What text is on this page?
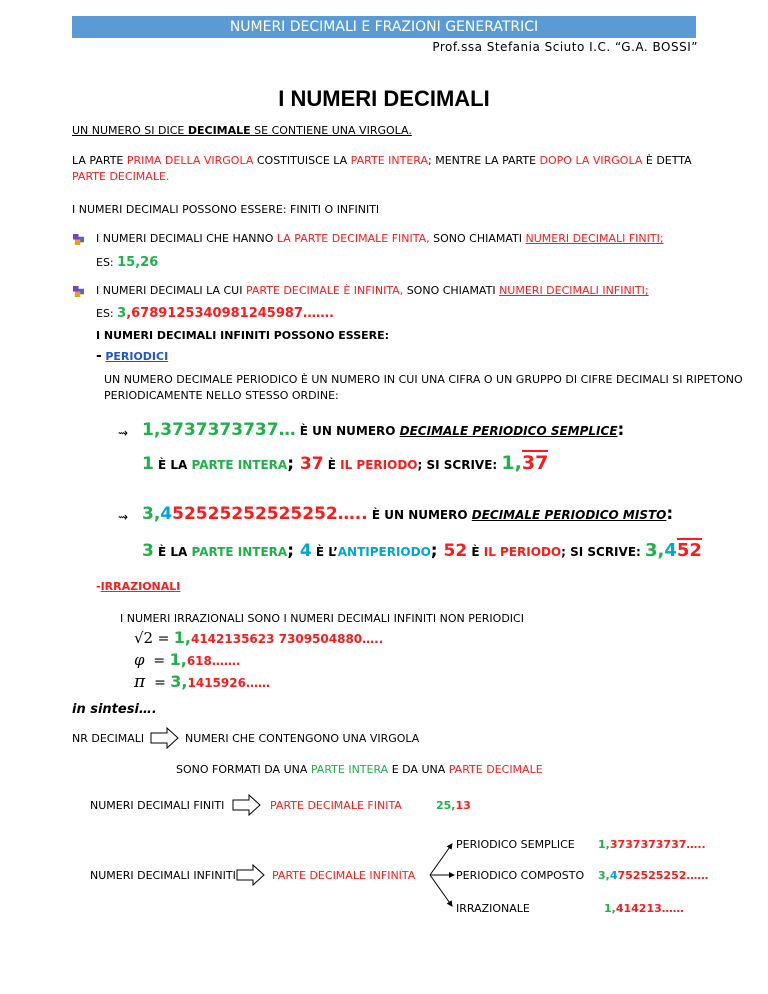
NUMERI DECIMALI E FRAZIONI GENERATRICI
Prof.ssa Stefania Sciuto I.C. “G.A. BOSSI”
I NUMERI DECIMALI
UN NUMERO SI DICE DECIMALE SE CONTIENE UNA VIRGOLA.
LA PARTE PRIMA DELLA VIRGOLA COSTITUISCE LA PARTE INTERA; MENTRE LA PARTE DOPO LA VIRGOLA È DETTA
PARTE DECIMALE.
I NUMERI DECIMALI POSSONO ESSERE: FINITI O INFINITI
I NUMERI DECIMALI CHE HANNO LA PARTE DECIMALE FINITA, SONO CHIAMATI NUMERI DECIMALI FINITI;
ES: 15,26
I NUMERI DECIMALI LA CUI PARTE DECIMALE È INFINITA, SONO CHIAMATI NUMERI DECIMALI INFINITI;
ES: 3,6789125340981245987…….
I NUMERI DECIMALI INFINITI POSSONO ESSERE:
- PERIODICI
UN NUMERO DECIMALE PERIODICO È UN NUMERO IN CUI UNA CIFRA O UN GRUPPO DI CIFRE DECIMALI SI RIPETONO
PERIODICAMENTE NELLO STESSO ORDINE:
⇝ 1,3737373737… È UN NUMERO DECIMALE PERIODICO SEMPLICE:
1 È LA PARTE INTERA; 37 È IL PERIODO; SI SCRIVE: 1,37
⇝ 3,452525252525252….. È UN NUMERO DECIMALE PERIODICO MISTO:
3 È LA PARTE INTERA; 4 È L’ANTIPERIODO; 52 È IL PERIODO; SI SCRIVE: 3,452
-IRRAZIONALI
I NUMERI IRRAZIONALI SONO I NUMERI DECIMALI INFINITI NON PERIODICI
√2 = 1,4142135623 7309504880…..
φ = 1,618…….
π = 3,1415926……
in sintesi….
NR DECIMALI	NUMERI CHE CONTENGONO UNA VIRGOLA
SONO FORMATI DA UNA PARTE INTERA E DA UNA PARTE DECIMALE
NUMERI DECIMALI FINITI	PARTE DECIMALE FINITA	25,13
PERIODICO SEMPLICE 1,3737373737…..
NUMERI DECIMALI INFINITI	PARTE DECIMALE INFINITA	PERIODICO COMPOSTO 3,4752525252……
IRRAZIONALE	1,414213……
